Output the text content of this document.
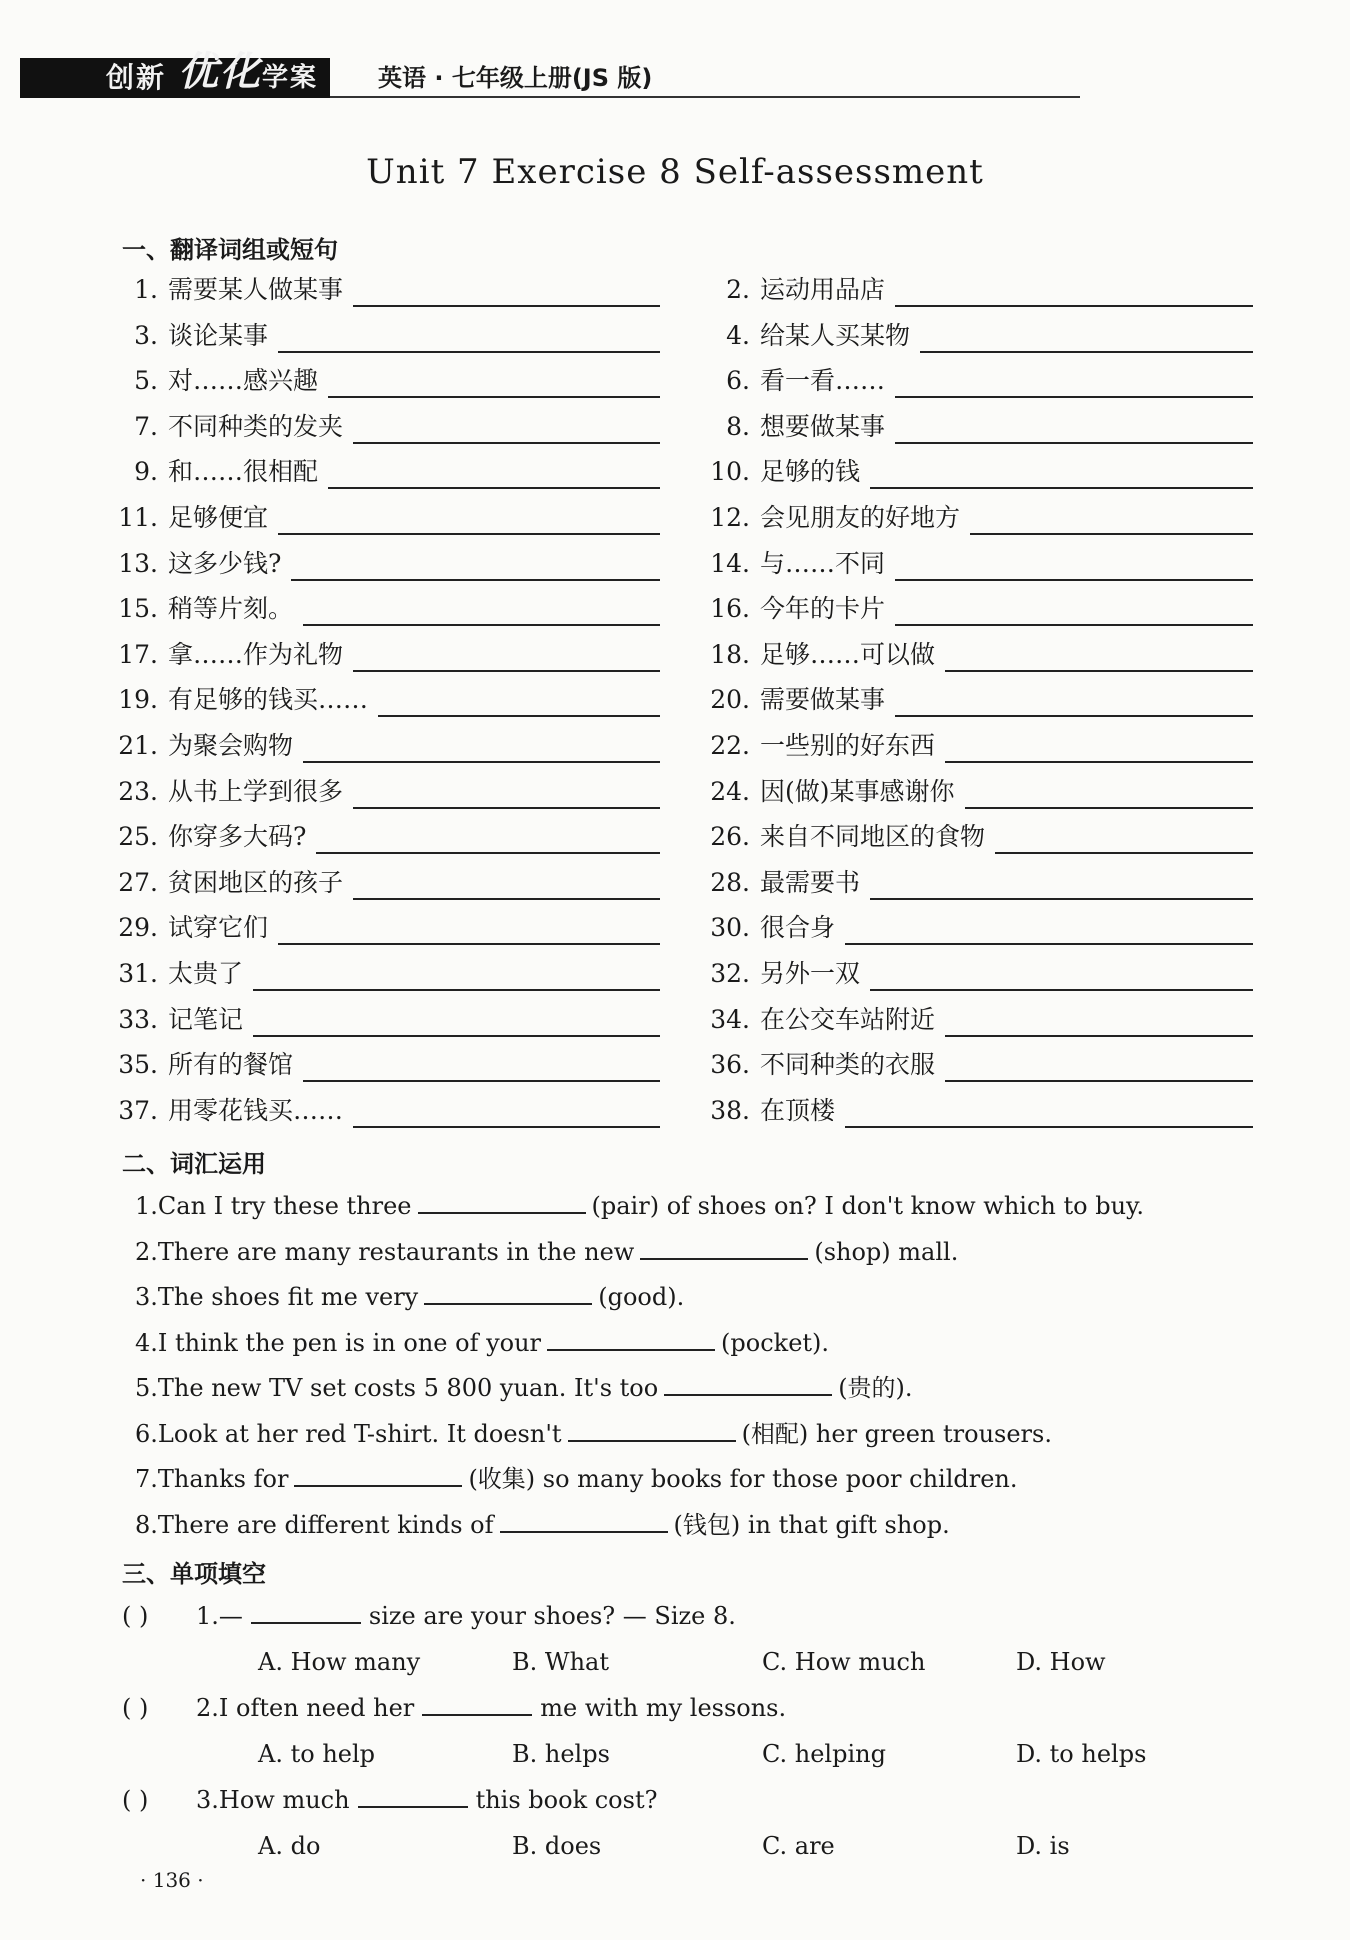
创新 优化 学案 英语 · 七年级上册(JS 版)
Unit 7 Exercise 8 Self-assessment
一、翻译词组或短句
1. 需要某人做某事	2. 运动用品店
3. 谈论某事	4. 给某人买某物
5. 对……感兴趣	6. 看一看……
7. 不同种类的发夹	8. 想要做某事
9. 和……很相配	10. 足够的钱
11. 足够便宜	12. 会见朋友的好地方
13. 这多少钱?	14. 与……不同
15. 稍等片刻。	16. 今年的卡片
17. 拿……作为礼物	18. 足够……可以做
19. 有足够的钱买……	20. 需要做某事
21. 为聚会购物	22. 一些别的好东西
23. 从书上学到很多	24. 因(做)某事感谢你
25. 你穿多大码?	26. 来自不同地区的食物
27. 贫困地区的孩子	28. 最需要书
29. 试穿它们	30. 很合身
31. 太贵了	32. 另外一双
33. 记笔记	34. 在公交车站附近
35. 所有的餐馆	36. 不同种类的衣服
37. 用零花钱买……	38. 在顶楼
二、词汇运用
1.Can I try these three	(pair) of shoes on? I don't know which to buy.
2.There are many restaurants in the new	(shop) mall.
3.The shoes fit me very	(good).
4.I think the pen is in one of your	(pocket).
5.The new TV set costs 5 800 yuan. It's too	(贵的).
6.Look at her red T-shirt. It doesn't	(相配) her green trousers.
7.Thanks for	(收集) so many books for those poor children.
8.There are different kinds of	(钱包) in that gift shop.
三、单项填空
( ) 1.—	size are your shoes? — Size 8.
A. How many	B. What	C. How much	D. How
( ) 2.I often need her	me with my lessons.
A. to help	B. helps	C. helping	D. to helps
( ) 3.How much	this book cost?
A. do	B. does	C. are	D. is
· 136 ·
